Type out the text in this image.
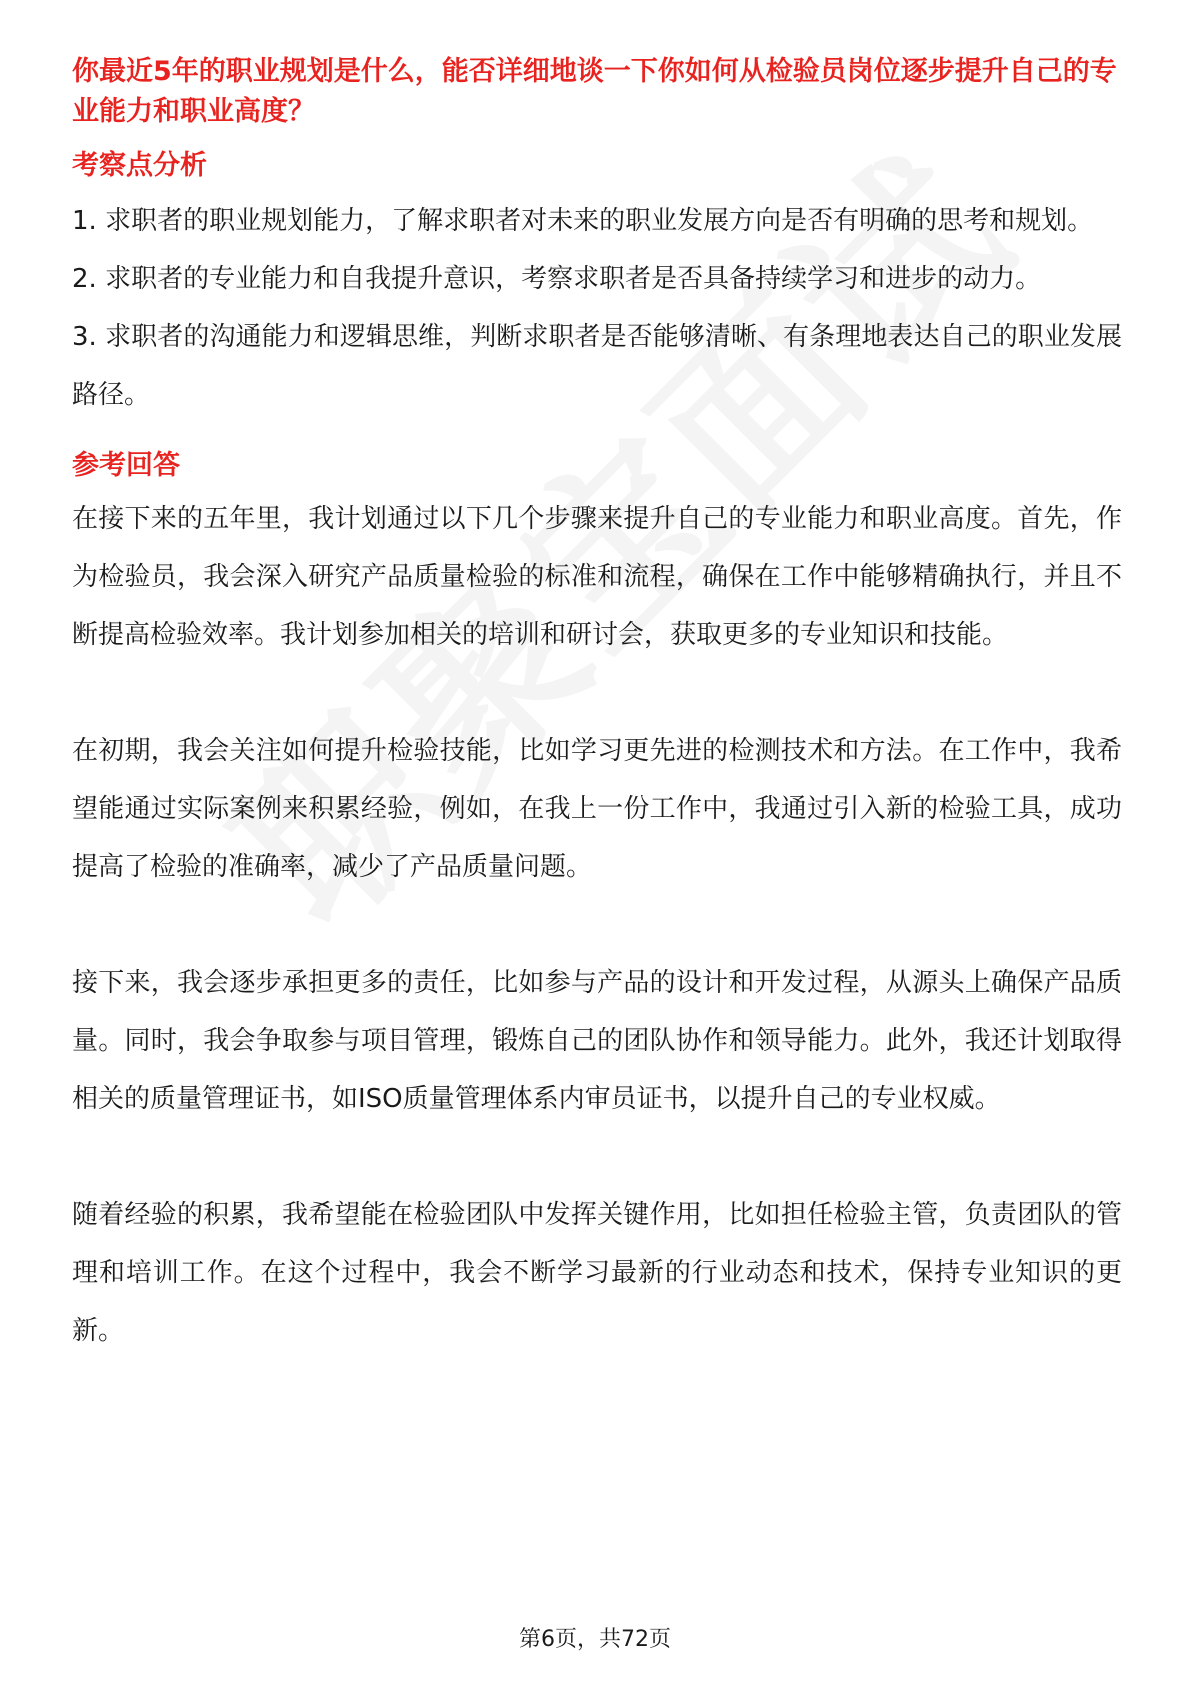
你最近5年的职业规划是什么，能否详细地谈一下你如何从检验员岗位逐步提升自己的专业能力和职业高度？

考察点分析

1. 求职者的职业规划能力，了解求职者对未来的职业发展方向是否有明确的思考和规划。

2. 求职者的专业能力和自我提升意识，考察求职者是否具备持续学习和进步的动力。

3. 求职者的沟通能力和逻辑思维，判断求职者是否能够清晰、有条理地表达自己的职业发展路径。

参考回答

在接下来的五年里，我计划通过以下几个步骤来提升自己的专业能力和职业高度。首先，作为检验员，我会深入研究产品质量检验的标准和流程，确保在工作中能够精确执行，并且不断提高检验效率。我计划参加相关的培训和研讨会，获取更多的专业知识和技能。

在初期，我会关注如何提升检验技能，比如学习更先进的检测技术和方法。在工作中，我希望能通过实际案例来积累经验，例如，在我上一份工作中，我通过引入新的检验工具，成功提高了检验的准确率，减少了产品质量问题。

接下来，我会逐步承担更多的责任，比如参与产品的设计和开发过程，从源头上确保产品质量。同时，我会争取参与项目管理，锻炼自己的团队协作和领导能力。此外，我还计划取得相关的质量管理证书，如ISO质量管理体系内审员证书，以提升自己的专业权威。

随着经验的积累，我希望能在检验团队中发挥关键作用，比如担任检验主管，负责团队的管理和培训工作。在这个过程中，我会不断学习最新的行业动态和技术，保持专业知识的更新。

第6页，共72页
